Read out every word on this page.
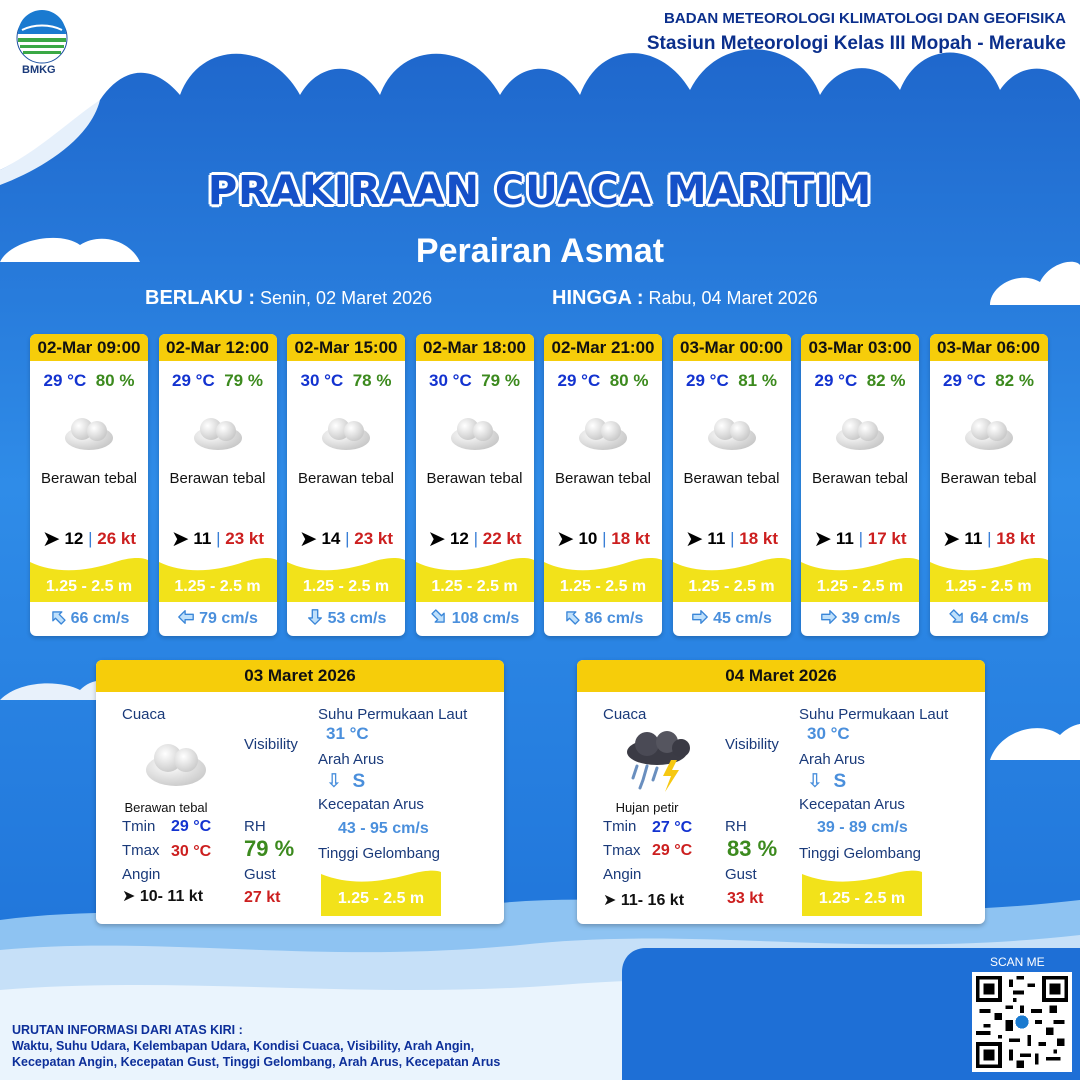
BMKG
BADAN METEOROLOGI KLIMATOLOGI DAN GEOFISIKA
Stasiun Meteorologi Kelas III Mopah - Merauke
PRAKIRAAN CUACA MARITIM
Perairan Asmat
BERLAKU : Senin, 02 Maret 2026	HINGGA : Rabu, 04 Maret 2026
02-Mar 09:00
29 °C 80 %
Berawan tebal
➤ 12 | 26 kt
1.25 - 2.5 m
66 cm/s
02-Mar 12:00
29 °C 79 %
Berawan tebal
➤ 11 | 23 kt
1.25 - 2.5 m
79 cm/s
02-Mar 15:00
30 °C 78 %
Berawan tebal
➤ 14 | 23 kt
1.25 - 2.5 m
53 cm/s
02-Mar 18:00
30 °C 79 %
Berawan tebal
➤ 12 | 22 kt
1.25 - 2.5 m
108 cm/s
02-Mar 21:00
29 °C 80 %
Berawan tebal
➤ 10 | 18 kt
1.25 - 2.5 m
86 cm/s
03-Mar 00:00
29 °C 81 %
Berawan tebal
➤ 11 | 18 kt
1.25 - 2.5 m
45 cm/s
03-Mar 03:00
29 °C 82 %
Berawan tebal
➤ 11 | 17 kt
1.25 - 2.5 m
39 cm/s
03-Mar 06:00
29 °C 82 %
Berawan tebal
➤ 11 | 18 kt
1.25 - 2.5 m
64 cm/s
03 Maret 2026
Cuaca
Berawan tebal
Tmin 29 °C
Tmax 30 °C
Angin
➤ 10- 11 kt
Visibility
RH
79 %
Gust
27 kt
Suhu Permukaan Laut
31 °C
Arah Arus
⇩ S
Kecepatan Arus
43 - 95 cm/s
Tinggi Gelombang
1.25 - 2.5 m
04 Maret 2026
Cuaca
Hujan petir
Tmin 27 °C
Tmax 29 °C
Angin
➤ 11- 16 kt
Visibility
RH
83 %
Gust
33 kt
Suhu Permukaan Laut
30 °C
Arah Arus
⇩ S
Kecepatan Arus
39 - 89 cm/s
Tinggi Gelombang
1.25 - 2.5 m
URUTAN INFORMASI DARI ATAS KIRI :
Waktu, Suhu Udara, Kelembapan Udara, Kondisi Cuaca, Visibility, Arah Angin,
Kecepatan Angin, Kecepatan Gust, Tinggi Gelombang, Arah Arus, Kecepatan Arus
SCAN ME
